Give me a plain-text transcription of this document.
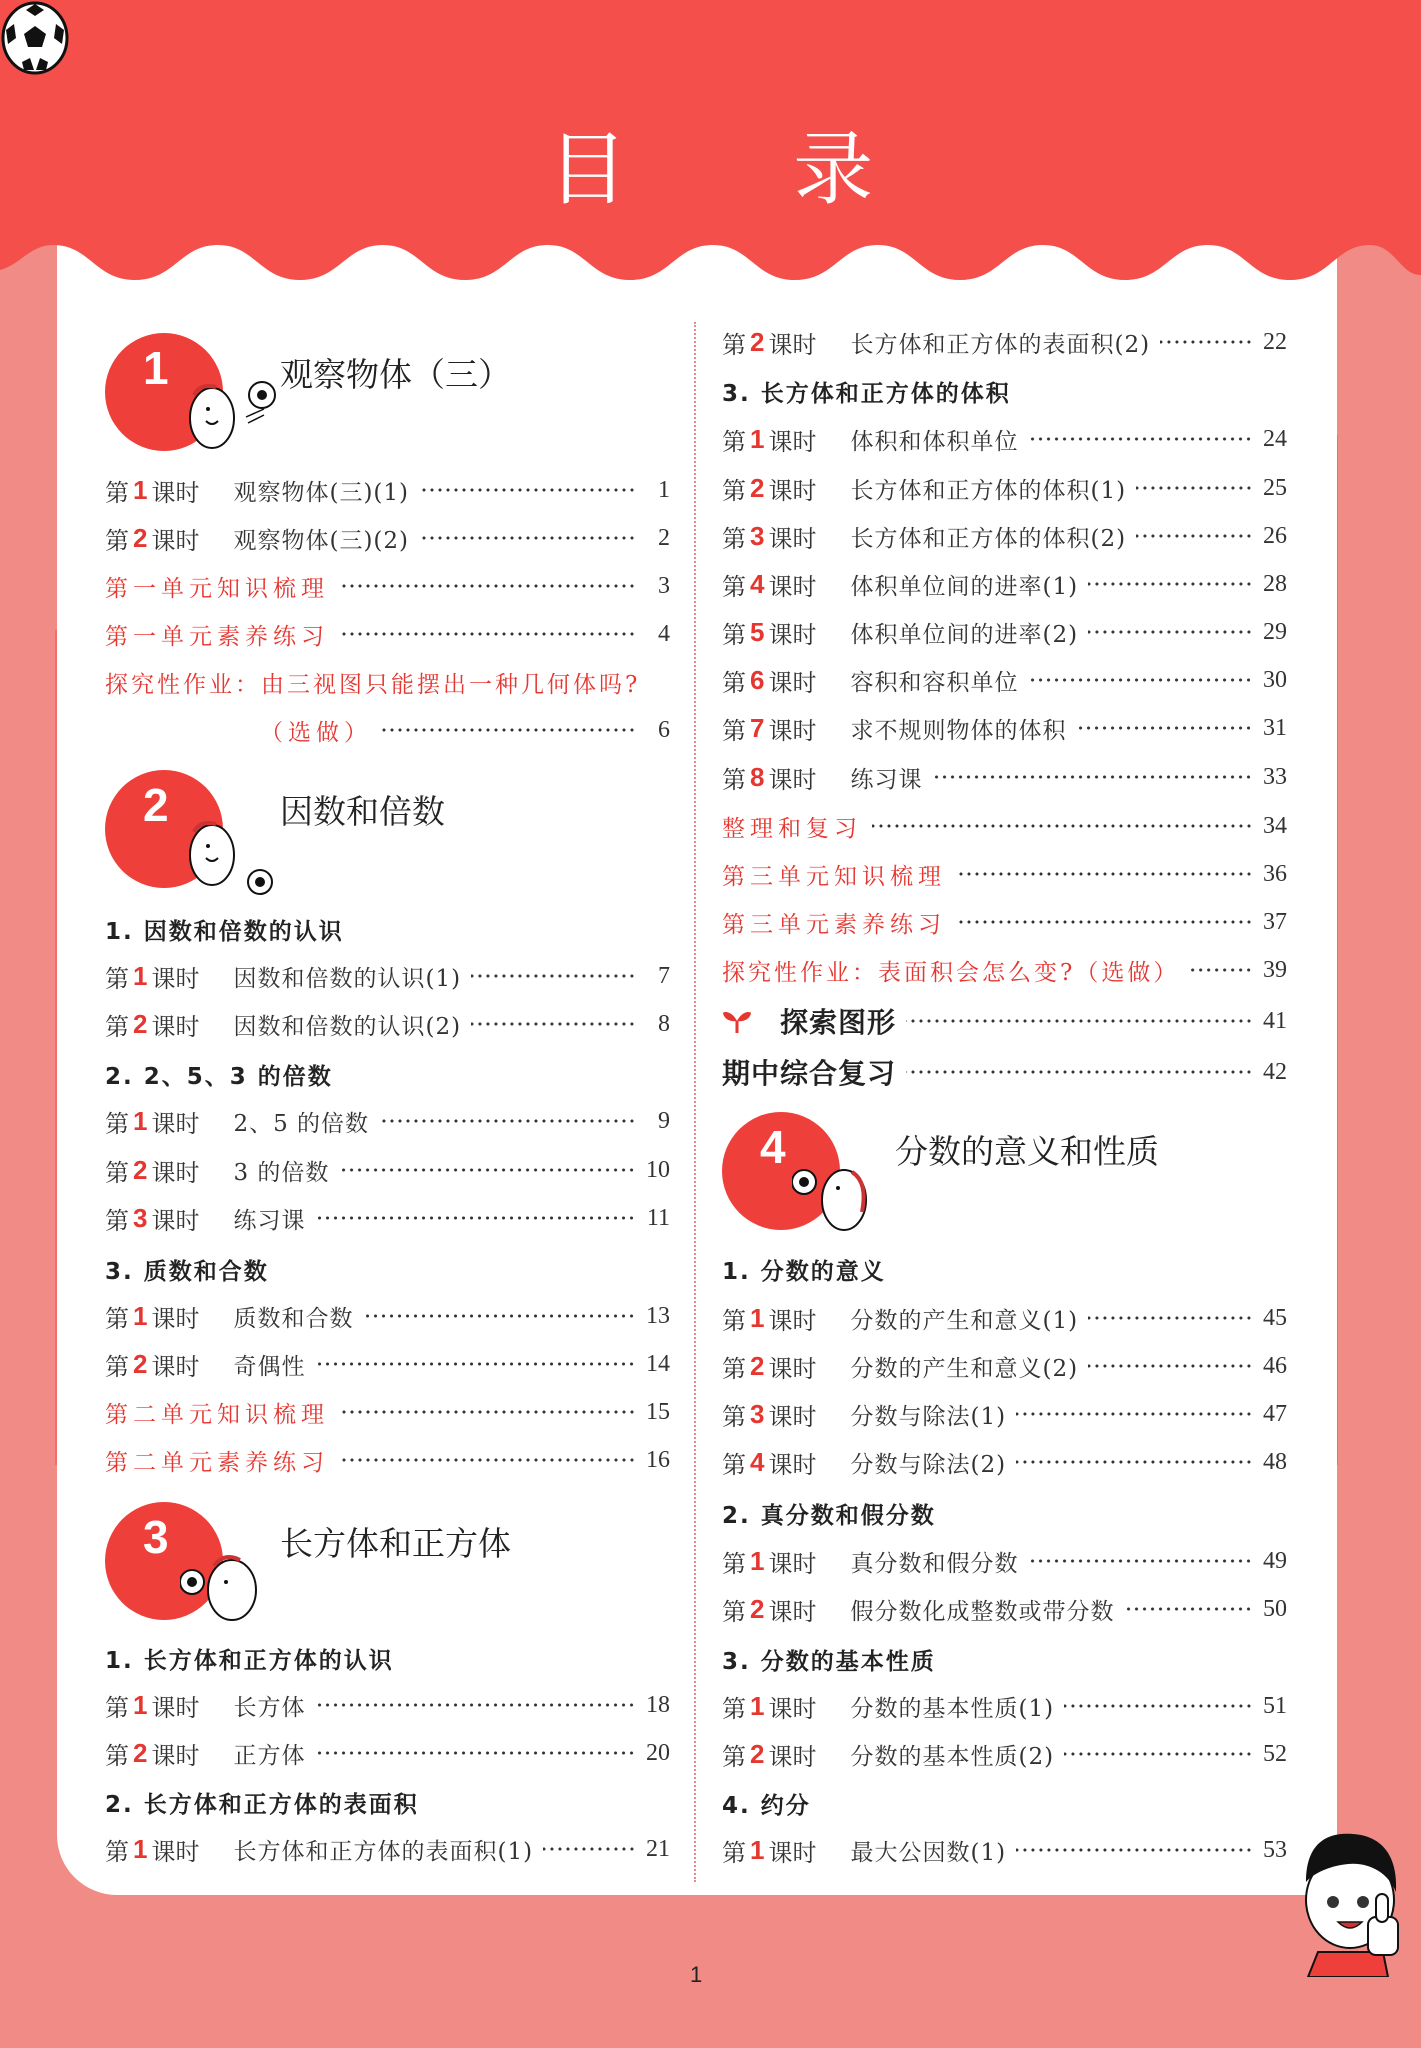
目 录
1	观察物体（三）
第 1 课时 观察物体(三)(1)	1
第 2 课时 观察物体(三)(2)	2
第一单元知识梳理	3
第一单元素养练习	4
探究性作业：由三视图只能摆出一种几何体吗?
（选做）	6
2	因数和倍数
1. 因数和倍数的认识
第 1 课时 因数和倍数的认识(1)	7
第 2 课时 因数和倍数的认识(2)	8
2. 2、5、3 的倍数
第 1 课时 2、5 的倍数	9
第 2 课时 3 的倍数	10
第 3 课时 练习课	11
3. 质数和合数
第 1 课时 质数和合数	13
第 2 课时 奇偶性	14
第二单元知识梳理	15
第二单元素养练习	16
3	长方体和正方体
1. 长方体和正方体的认识
第 1 课时 长方体	18
第 2 课时 正方体	20
2. 长方体和正方体的表面积
第 1 课时 长方体和正方体的表面积(1)	21
第 2 课时 长方体和正方体的表面积(2)	22
3. 长方体和正方体的体积
第 1 课时 体积和体积单位	24
第 2 课时 长方体和正方体的体积(1)	25
第 3 课时 长方体和正方体的体积(2)	26
第 4 课时 体积单位间的进率(1)	28
第 5 课时 体积单位间的进率(2)	29
第 6 课时 容积和容积单位	30
第 7 课时 求不规则物体的体积	31
第 8 课时 练习课	33
整理和复习	34
第三单元知识梳理	36
第三单元素养练习	37
探究性作业：表面积会怎么变?（选做）	39
探索图形	41
期中综合复习	42
4	分数的意义和性质
1. 分数的意义
第 1 课时 分数的产生和意义(1)	45
第 2 课时 分数的产生和意义(2)	46
第 3 课时 分数与除法(1)	47
第 4 课时 分数与除法(2)	48
2. 真分数和假分数
第 1 课时 真分数和假分数	49
第 2 课时 假分数化成整数或带分数	50
3. 分数的基本性质
第 1 课时 分数的基本性质(1)	51
第 2 课时 分数的基本性质(2)	52
4. 约分
第 1 课时 最大公因数(1)	53
1
